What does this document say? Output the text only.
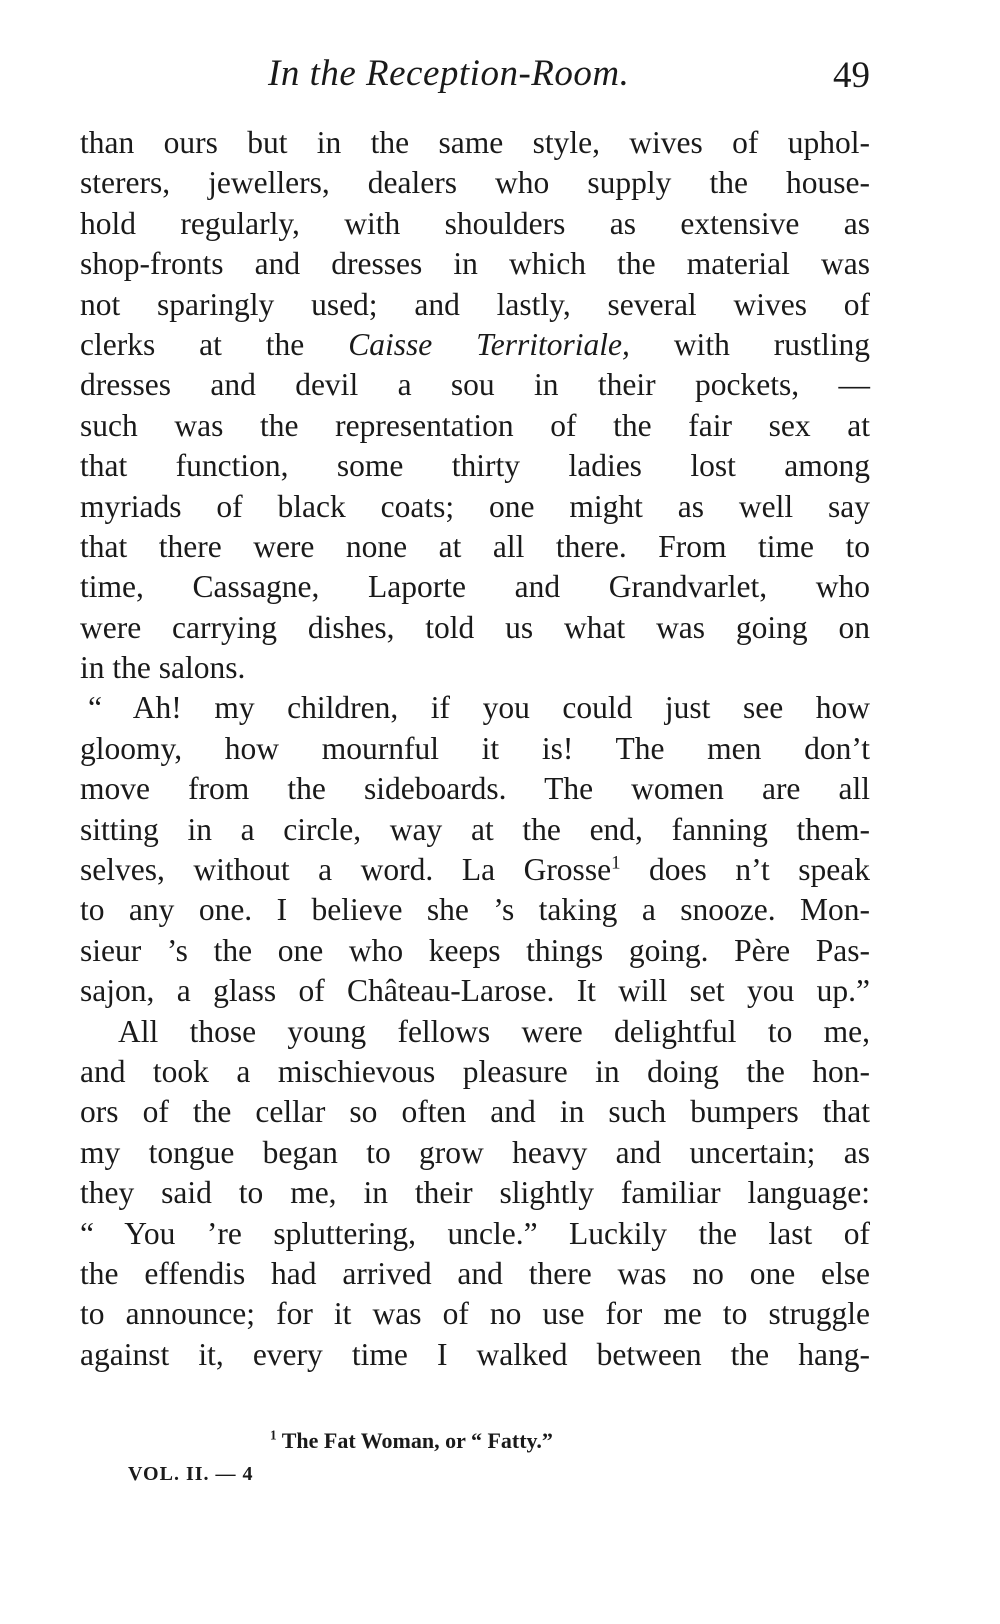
In the Reception-Room.	49
than ours but in the same style, wives of uphol-
sterers, jewellers, dealers who supply the house-
hold regularly, with shoulders as extensive as
shop-fronts and dresses in which the material was
not sparingly used; and lastly, several wives of
clerks at the Caisse Territoriale, with rustling
dresses and devil a sou in their pockets, —
such was the representation of the fair sex at
that function, some thirty ladies lost among
myriads of black coats; one might as well say
that there were none at all there. From time to
time, Cassagne, Laporte and Grandvarlet, who
were carrying dishes, told us what was going on
in the salons.
“ Ah! my children, if you could just see how
gloomy, how mournful it is! The men don’t
move from the sideboards. The women are all
sitting in a circle, way at the end, fanning them-
selves, without a word. La Grosse$^1$ does n’t speak
to any one. I believe she ’s taking a snooze. Mon-
sieur ’s the one who keeps things going. Père Pas-
sajon, a glass of Château-Larose. It will set you up.”
All those young fellows were delightful to me,
and took a mischievous pleasure in doing the hon-
ors of the cellar so often and in such bumpers that
my tongue began to grow heavy and uncertain; as
they said to me, in their slightly familiar language:
“ You ’re spluttering, uncle.” Luckily the last of
the effendis had arrived and there was no one else
to announce; for it was of no use for me to struggle
against it, every time I walked between the hang-
$^1$ The Fat Woman, or “ Fatty.”
VOL. II. — 4
